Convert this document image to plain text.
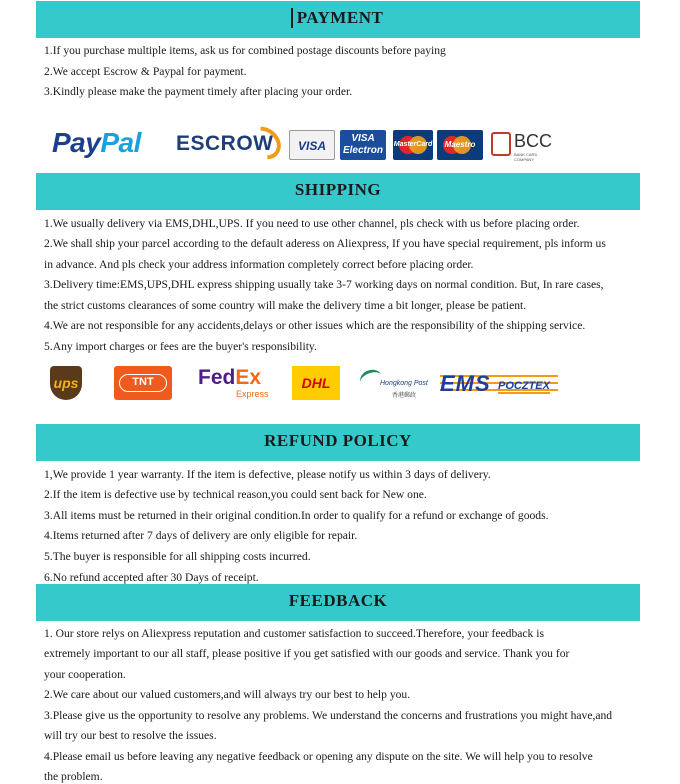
PAYMENT
1.If you purchase multiple items, ask us for combined postage discounts before paying
2.We accept Escrow & Paypal for payment.
3.Kindly please make the payment timely after placing your order.
PayPal ESCROW	VISA
VISA
Electron
MasterCard
EUROCARD
Maestro	BCC
BANK CARD COMPANY
SHIPPING
1.We usually delivery via EMS,DHL,UPS. If you need to use other channel, pls check with us before placing order.
2.We shall ship your parcel according to the default aderess on Aliexpress, If you have special requirement, pls inform us
in advance. And pls check your address information completely correct before placing order.
3.Delivery time:EMS,UPS,DHL express shipping usually take 3-7 working days on normal condition. But, In rare cases,
the strict customs clearances of some country will make the delivery time a bit longer, please be patient.
4.We are not responsible for any accidents,delays or other issues which are the responsibility of the shipping service.
5.Any import charges or fees are the buyer's responsibility.
ups	TNT	FedEx
Express
DHL	Hongkong Post
香港郵政 EMS POCZTEX
REFUND POLICY
1,We provide 1 year warranty. If the item is defective, please notify us within 3 days of delivery.
2.If the item is defective use by technical reason,you could sent back for New one.
3.All items must be returned in their original condition.In order to qualify for a refund or exchange of goods.
4.Items returned after 7 days of delivery are only eligible for repair.
5.The buyer is responsible for all shipping costs incurred.
6.No refund accepted after 30 Days of receipt.
FEEDBACK
1. Our store relys on Aliexpress reputation and customer satisfaction to succeed.Therefore, your feedback is
extremely important to our all staff, please positive if you get satisfied with our goods and service. Thank you for
your cooperation.
2.We care about our valued customers,and will always try our best to help you.
3.Please give us the opportunity to resolve any problems. We understand the concerns and frustrations you might have,and
will try our best to resolve the issues.
4.Please email us before leaving any negative feedback or opening any dispute on the site. We will help you to resolve
the problem.
